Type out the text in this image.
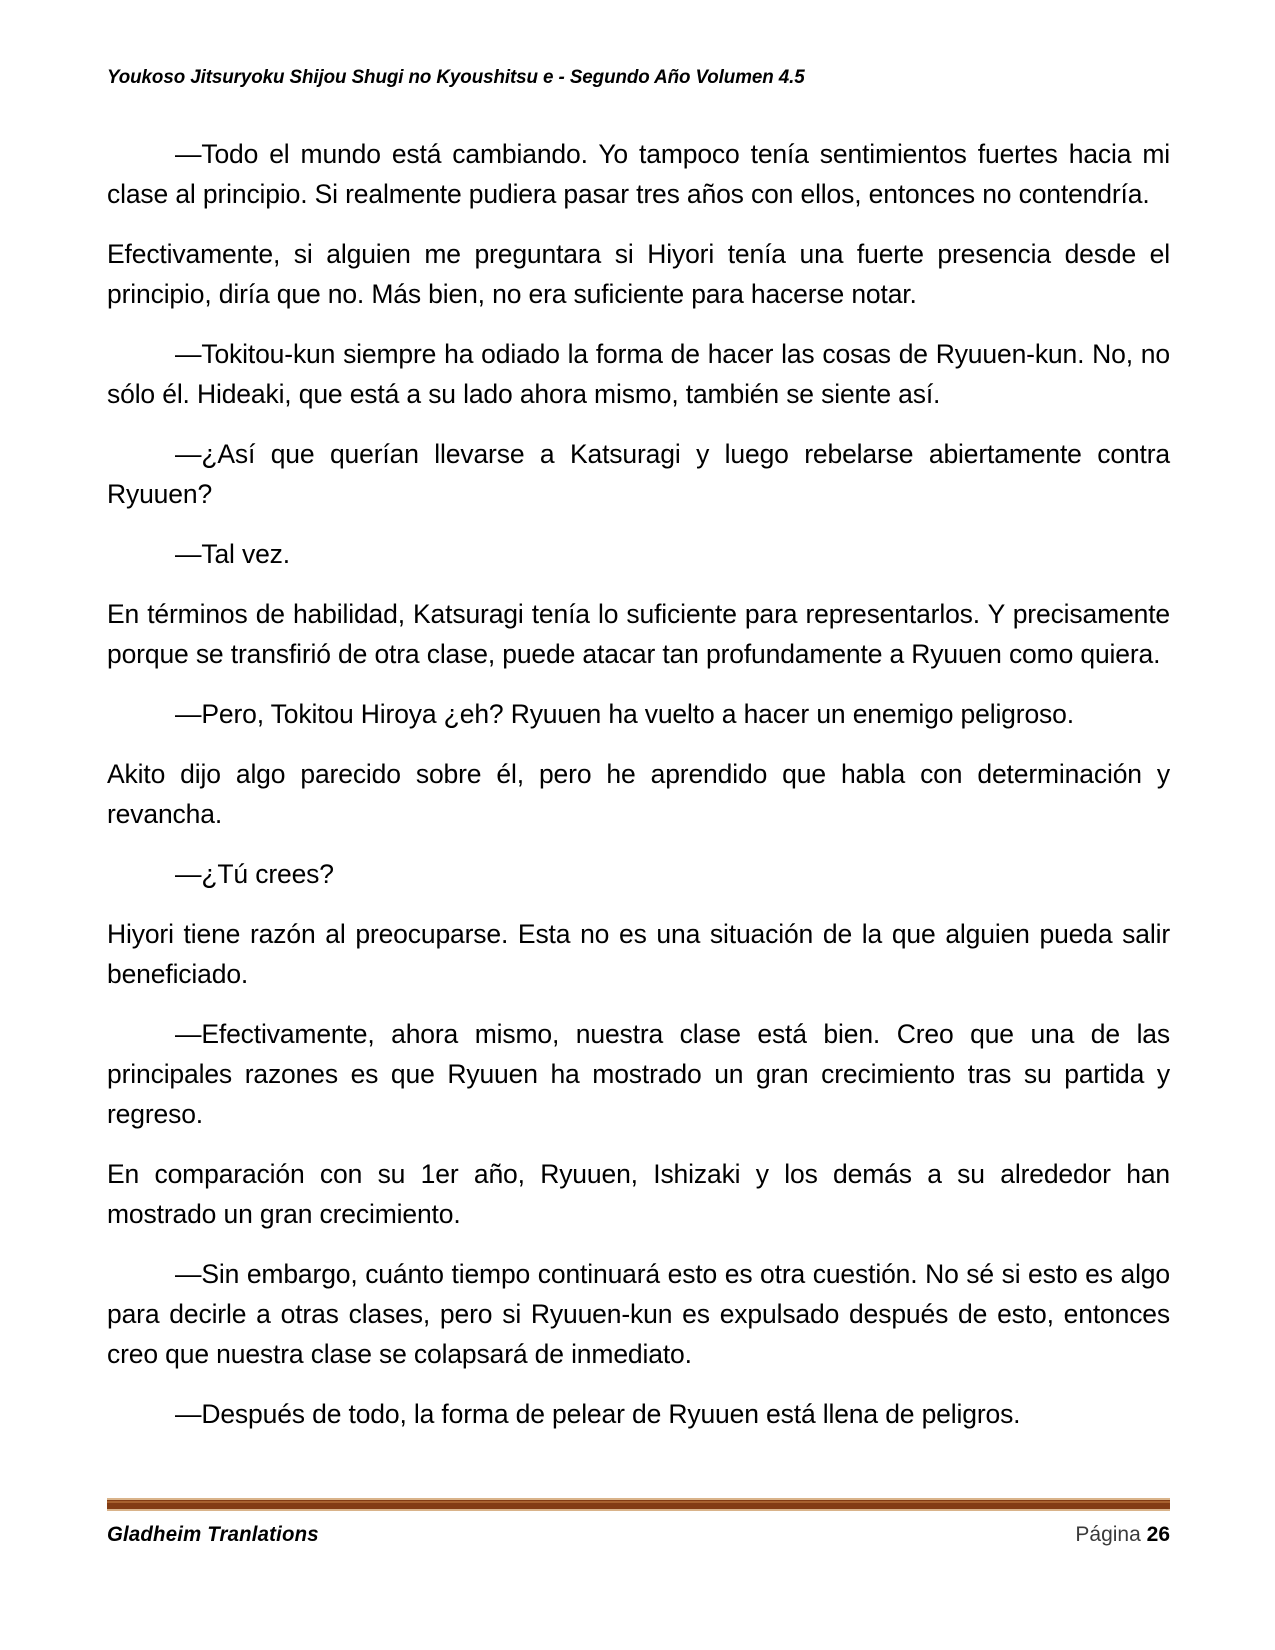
Youkoso Jitsuryoku Shijou Shugi no Kyoushitsu e - Segundo Año Volumen 4.5

—Todo el mundo está cambiando. Yo tampoco tenía sentimientos fuertes hacia mi clase al principio. Si realmente pudiera pasar tres años con ellos, entonces no contendría.

Efectivamente, si alguien me preguntara si Hiyori tenía una fuerte presencia desde el principio, diría que no. Más bien, no era suficiente para hacerse notar.

—Tokitou-kun siempre ha odiado la forma de hacer las cosas de Ryuuen-kun. No, no sólo él. Hideaki, que está a su lado ahora mismo, también se siente así.

—¿Así que querían llevarse a Katsuragi y luego rebelarse abiertamente contra Ryuuen?

—Tal vez.

En términos de habilidad, Katsuragi tenía lo suficiente para representarlos. Y precisamente porque se transfirió de otra clase, puede atacar tan profundamente a Ryuuen como quiera.

—Pero, Tokitou Hiroya ¿eh? Ryuuen ha vuelto a hacer un enemigo peligroso.

Akito dijo algo parecido sobre él, pero he aprendido que habla con determinación y revancha.

—¿Tú crees?

Hiyori tiene razón al preocuparse. Esta no es una situación de la que alguien pueda salir beneficiado.

—Efectivamente, ahora mismo, nuestra clase está bien. Creo que una de las principales razones es que Ryuuen ha mostrado un gran crecimiento tras su partida y regreso.

En comparación con su 1er año, Ryuuen, Ishizaki y los demás a su alrededor han mostrado un gran crecimiento.

—Sin embargo, cuánto tiempo continuará esto es otra cuestión. No sé si esto es algo para decirle a otras clases, pero si Ryuuen-kun es expulsado después de esto, entonces creo que nuestra clase se colapsará de inmediato.

—Después de todo, la forma de pelear de Ryuuen está llena de peligros.

Gladheim Tranlations	Página 26
